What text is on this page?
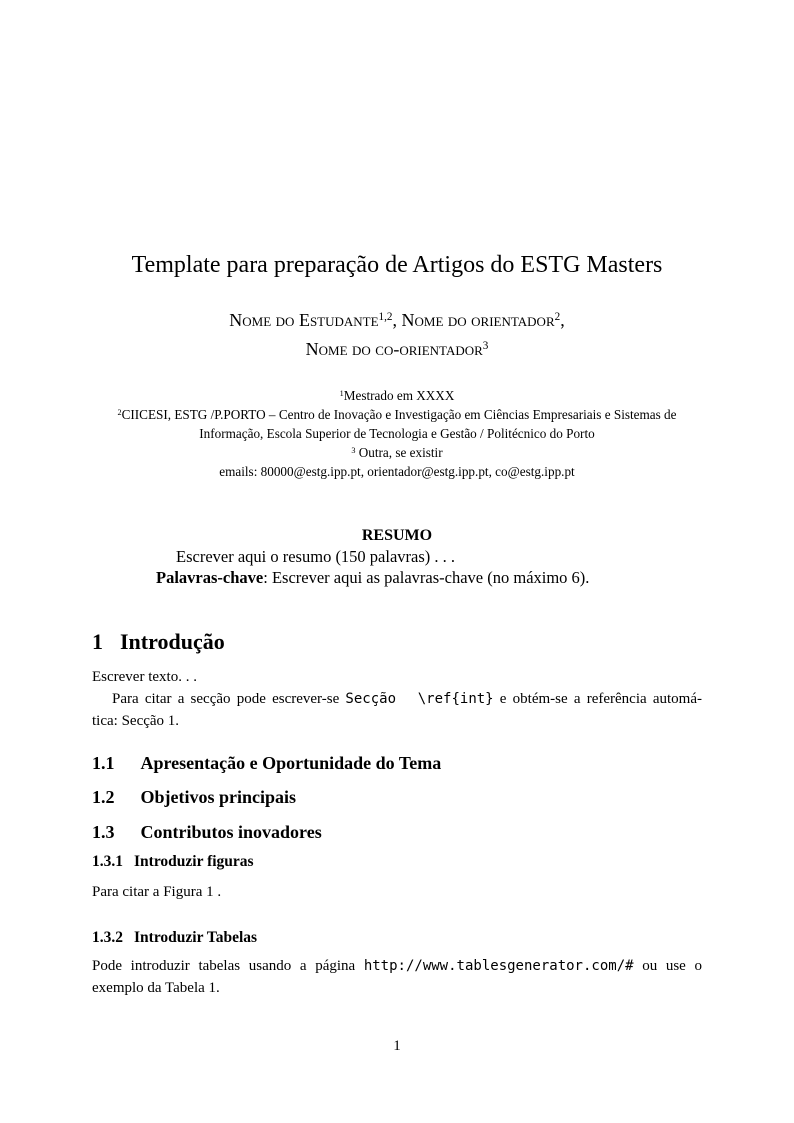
Template para preparação de Artigos do ESTG Masters
Nome do Estudante$^{1,2}$, Nome do orientador$^2$, Nome do co-orientador$^3$
$^1$Mestrado em XXXX
$^2$CIICESI, ESTG /P.PORTO – Centro de Inovação e Investigação em Ciências Empresariais e Sistemas de Informação, Escola Superior de Tecnologia e Gestão / Politécnico do Porto
$^3$ Outra, se existir
emails: 80000@estg.ipp.pt, orientador@estg.ipp.pt, co@estg.ipp.pt
RESUMO
Escrever aqui o resumo (150 palavras) . . .
Palavras-chave: Escrever aqui as palavras-chave (no máximo 6).
1 Introdução
Escrever texto. . .
Para citar a secção pode escrever-se Secção  \ref{int} e obtém-se a referência automá-
tica: Secção 1.
1.1 Apresentação e Oportunidade do Tema
1.2 Objetivos principais
1.3 Contributos inovadores
1.3.1 Introduzir figuras
Para citar a Figura 1 .
1.3.2 Introduzir Tabelas
Pode introduzir tabelas usando a página http://www.tablesgenerator.com/# ou use o
exemplo da Tabela 1.
1
